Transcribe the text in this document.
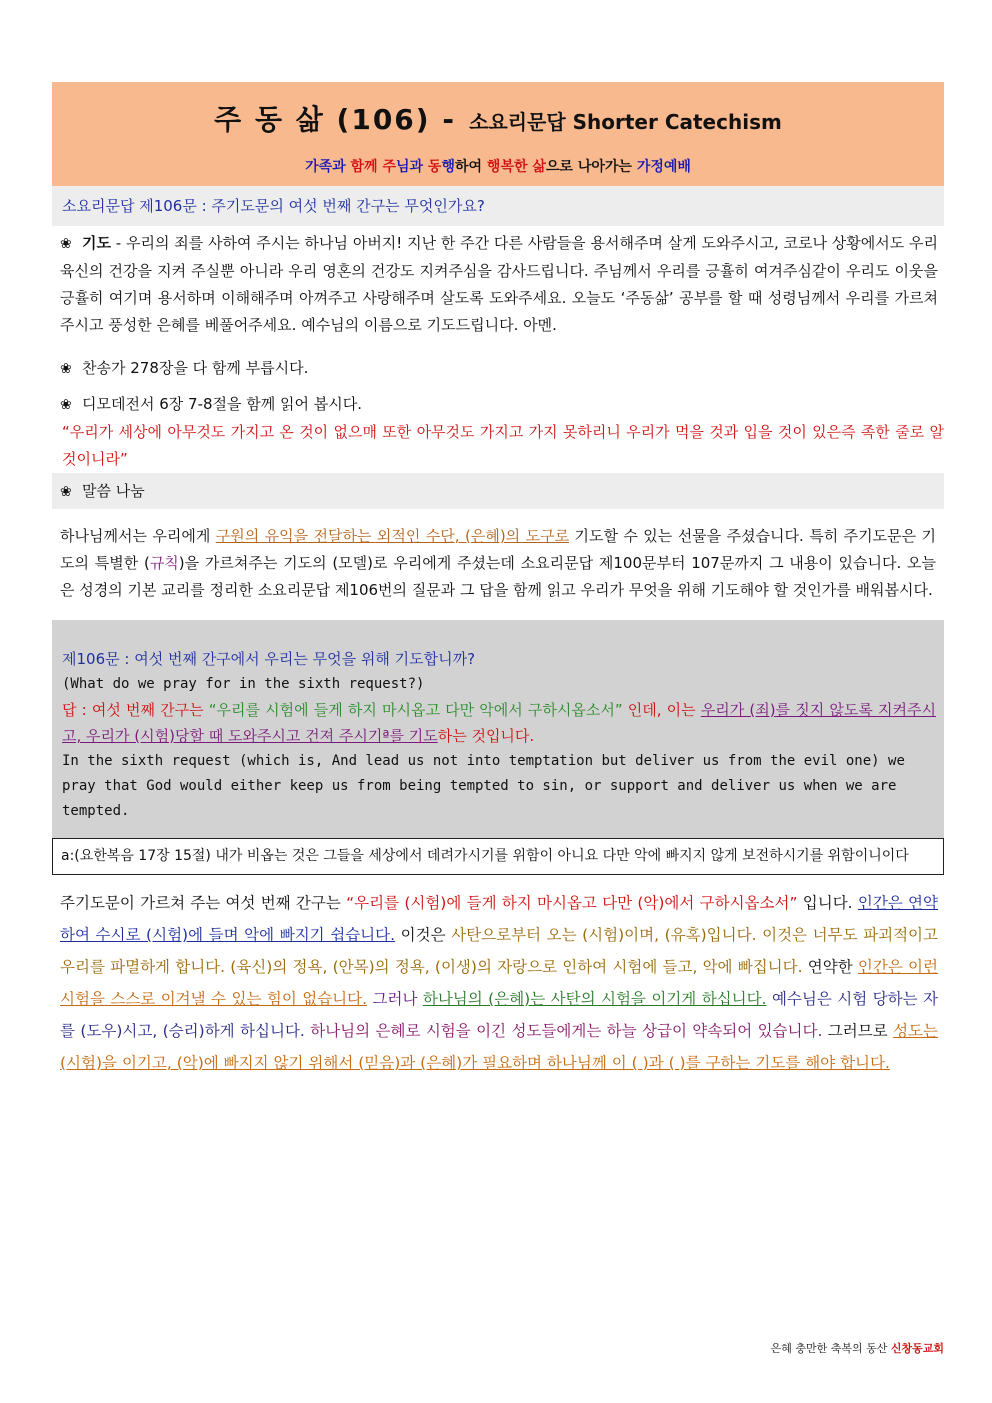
주 동 삶 (106) - 소요리문답 Shorter Catechism
가족과 함께 주님과 동행하여 행복한 삶으로 나아가는 가정예배
소요리문답 제106문 : 주기도문의 여섯 번째 간구는 무엇인가요?
❀ 기도 - 우리의 죄를 사하여 주시는 하나님 아버지! 지난 한 주간 다른 사람들을 용서해주며 살게 도와주시고, 코로나 상황에서도 우리 육신의 건강을 지켜 주실뿐 아니라 우리 영혼의 건강도 지켜주심을 감사드립니다. 주님께서 우리를 긍휼히 여겨주심같이 우리도 이웃을 긍휼히 여기며 용서하며 이해해주며 아껴주고 사랑해주며 살도록 도와주세요. 오늘도 ‘주동삶’ 공부를 할 때 성령님께서 우리를 가르쳐주시고 풍성한 은혜를 베풀어주세요. 예수님의 이름으로 기도드립니다. 아멘.
❀ 찬송가 278장을 다 함께 부릅시다.
❀ 디모데전서 6장 7-8절을 함께 읽어 봅시다.
“우리가 세상에 아무것도 가지고 온 것이 없으매 또한 아무것도 가지고 가지 못하리니 우리가 먹을 것과 입을 것이 있은즉 족한 줄로 알 것이니라”
❀ 말씀 나눔
하나님께서는 우리에게 구원의 유익을 전달하는 외적인 수단, (은혜)의 도구로 기도할 수 있는 선물을 주셨습니다. 특히 주기도문은 기도의 특별한 (규칙)을 가르쳐주는 기도의 (모델)로 우리에게 주셨는데 소요리문답 제100문부터 107문까지 그 내용이 있습니다. 오늘은 성경의 기본 교리를 정리한 소요리문답 제106번의 질문과 그 답을 함께 읽고 우리가 무엇을 위해 기도해야 할 것인가를 배워봅시다.
제106문 : 여섯 번째 간구에서 우리는 무엇을 위해 기도합니까?
(What do we pray for in the sixth request?)
답 : 여섯 번째 간구는 “우리를 시험에 들게 하지 마시옵고 다만 악에서 구하시옵소서” 인데, 이는 우리가 (죄)를 짓지 않도록 지켜주시고, 우리가 (시험)당할 때 도와주시고 건져 주시기ª를 기도하는 것입니다.
In the sixth request (which is, And lead us not into temptation but deliver us from the evil one) we pray that God would either keep us from being tempted to sin, or support and deliver us when we are tempted.
a:(요한복음 17장 15절) 내가 비옵는 것은 그들을 세상에서 데려가시기를 위함이 아니요 다만 악에 빠지지 않게 보전하시기를 위함이니이다
주기도문이 가르쳐 주는 여섯 번째 간구는 “우리를 (시험)에 들게 하지 마시옵고 다만 (악)에서 구하시옵소서” 입니다. 인간은 연약하여 수시로 (시험)에 들며 악에 빠지기 쉽습니다. 이것은 사탄으로부터 오는 (시험)이며, (유혹)입니다. 이것은 너무도 파괴적이고 우리를 파멸하게 합니다. (육신)의 정욕, (안목)의 정욕, (이생)의 자랑으로 인하여 시험에 들고, 악에 빠집니다. 연약한 인간은 이런 시험을 스스로 이겨낼 수 있는 힘이 없습니다. 그러나 하나님의 (은혜)는 사탄의 시험을 이기게 하십니다. 예수님은 시험 당하는 자를 (도우)시고, (승리)하게 하십니다. 하나님의 은혜로 시험을 이긴 성도들에게는 하늘 상급이 약속되어 있습니다. 그러므로 성도는 (시험)을 이기고, (악)에 빠지지 않기 위해서 (믿음)과 (은혜)가 필요하며 하나님께 이 ( )과 ( )를 구하는 기도를 해야 합니다.
은혜 충만한 축복의 동산 신창동교회
